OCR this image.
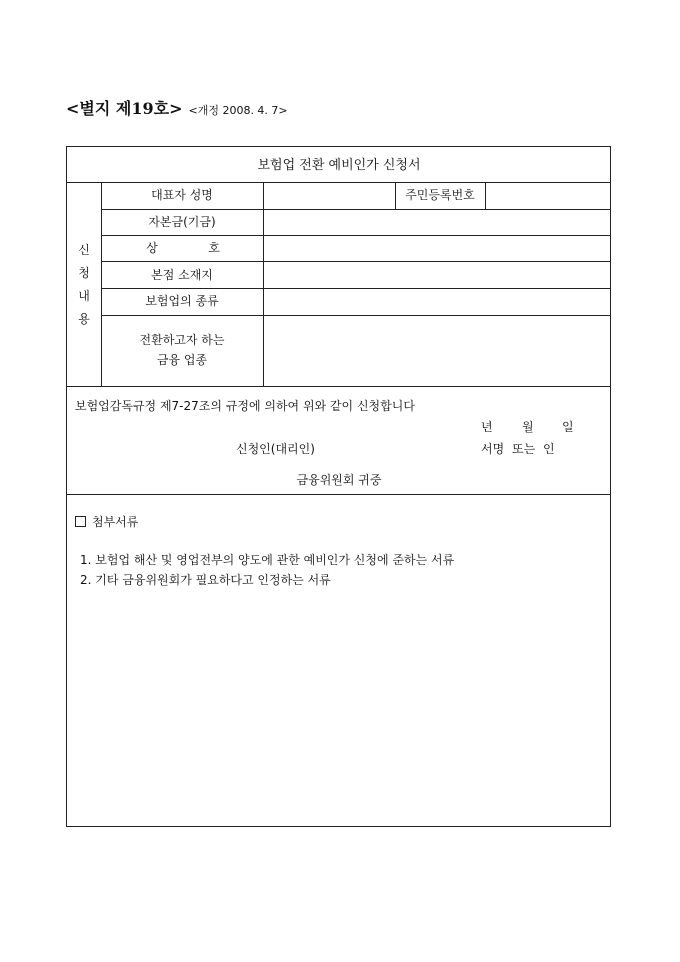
<별지 제19호> <개정 2008. 4. 7>
보험업 전환 예비인가 신청서
신청내용
대표자 성명	주민등록번호
자본금(기금)
상	호
본점 소재지
보험업의 종류
전환하고자 하는
금융 업종
보험업감독규정 제7-27조의 규정에 의하여 위와 같이 신청합니다
년 월 일
신청인(대리인)	서명 또는 인
금융위원회 귀중
첨부서류
1. 보험업 해산 및 영업전부의 양도에 관한 예비인가 신청에 준하는 서류
2. 기타 금융위원회가 필요하다고 인정하는 서류
